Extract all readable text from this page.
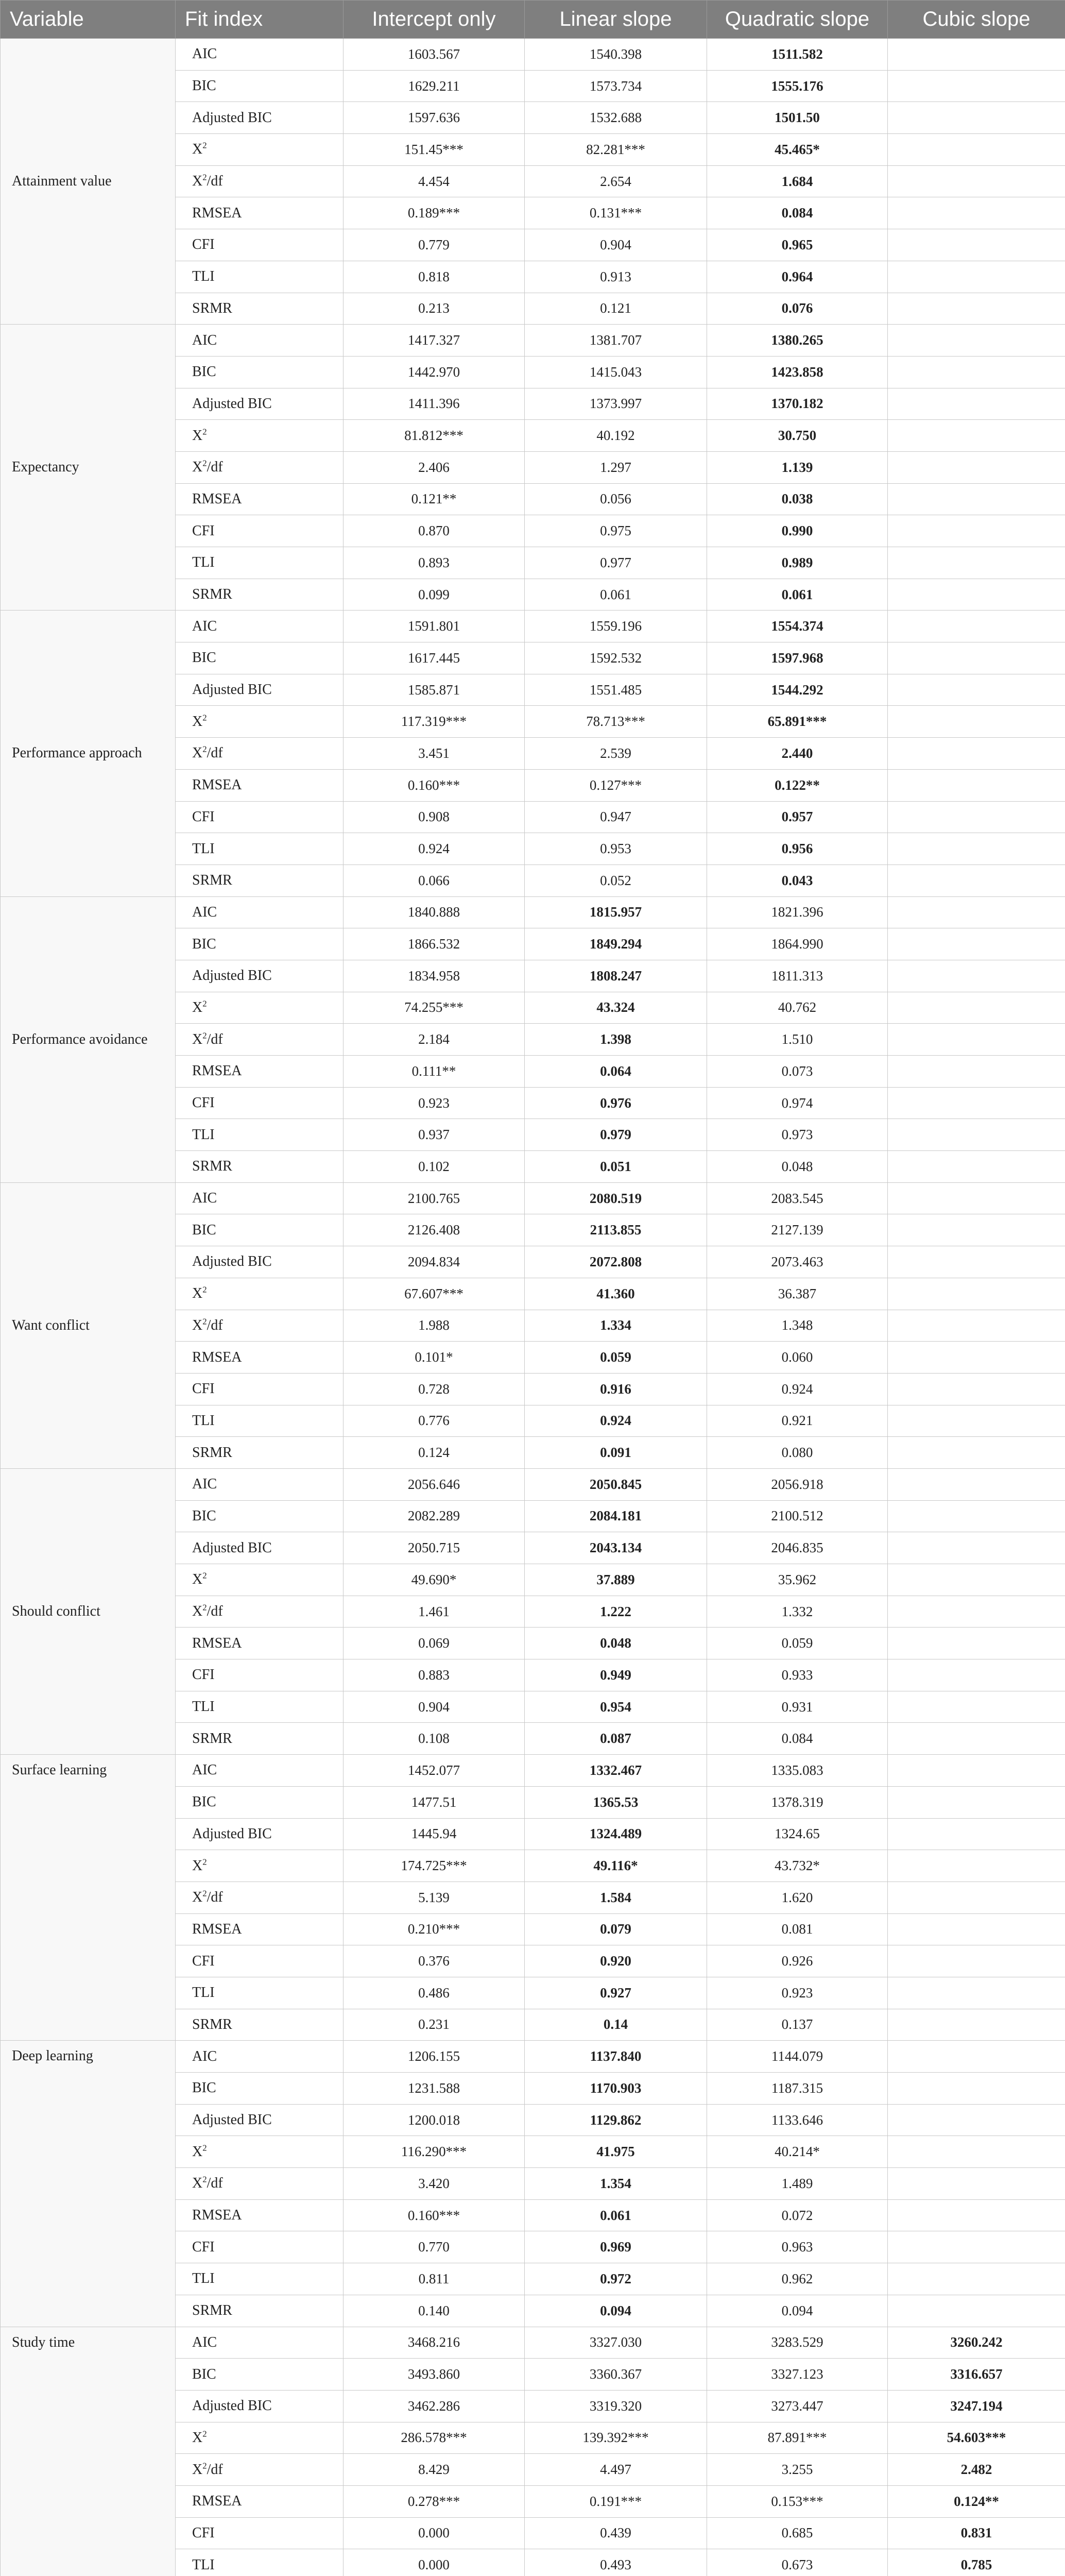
Variable	Fit index	Intercept only	Linear slope	Quadratic slope	Cubic slope
Attainment value	AIC	1603.567	1540.398	1511.582	
	BIC	1629.211	1573.734	1555.176	
	Adjusted BIC	1597.636	1532.688	1501.50	
	$X^2$	151.45***	82.281***	45.465*	
	$X^2/df$	4.454	2.654	1.684	
	RMSEA	0.189***	0.131***	0.084	
	CFI	0.779	0.904	0.965	
	TLI	0.818	0.913	0.964	
	SRMR	0.213	0.121	0.076	
Expectancy	AIC	1417.327	1381.707	1380.265	
	BIC	1442.970	1415.043	1423.858	
	Adjusted BIC	1411.396	1373.997	1370.182	
	$X^2$	81.812***	40.192	30.750	
	$X^2/df$	2.406	1.297	1.139	
	RMSEA	0.121**	0.056	0.038	
	CFI	0.870	0.975	0.990	
	TLI	0.893	0.977	0.989	
	SRMR	0.099	0.061	0.061	
Performance approach	AIC	1591.801	1559.196	1554.374	
	BIC	1617.445	1592.532	1597.968	
	Adjusted BIC	1585.871	1551.485	1544.292	
	$X^2$	117.319***	78.713***	65.891***	
	$X^2/df$	3.451	2.539	2.440	
	RMSEA	0.160***	0.127***	0.122**	
	CFI	0.908	0.947	0.957	
	TLI	0.924	0.953	0.956	
	SRMR	0.066	0.052	0.043	
Performance avoidance	AIC	1840.888	1815.957	1821.396	
	BIC	1866.532	1849.294	1864.990	
	Adjusted BIC	1834.958	1808.247	1811.313	
	$X^2$	74.255***	43.324	40.762	
	$X^2/df$	2.184	1.398	1.510	
	RMSEA	0.111**	0.064	0.073	
	CFI	0.923	0.976	0.974	
	TLI	0.937	0.979	0.973	
	SRMR	0.102	0.051	0.048	
Want conflict	AIC	2100.765	2080.519	2083.545	
	BIC	2126.408	2113.855	2127.139	
	Adjusted BIC	2094.834	2072.808	2073.463	
	$X^2$	67.607***	41.360	36.387	
	$X^2/df$	1.988	1.334	1.348	
	RMSEA	0.101*	0.059	0.060	
	CFI	0.728	0.916	0.924	
	TLI	0.776	0.924	0.921	
	SRMR	0.124	0.091	0.080	
Should conflict	AIC	2056.646	2050.845	2056.918	
	BIC	2082.289	2084.181	2100.512	
	Adjusted BIC	2050.715	2043.134	2046.835	
	$X^2$	49.690*	37.889	35.962	
	$X^2/df$	1.461	1.222	1.332	
	RMSEA	0.069	0.048	0.059	
	CFI	0.883	0.949	0.933	
	TLI	0.904	0.954	0.931	
	SRMR	0.108	0.087	0.084	
Surface learning	AIC	1452.077	1332.467	1335.083	
	BIC	1477.51	1365.53	1378.319	
	Adjusted BIC	1445.94	1324.489	1324.65	
	$X^2$	174.725***	49.116*	43.732*	
	$X^2/df$	5.139	1.584	1.620	
	RMSEA	0.210***	0.079	0.081	
	CFI	0.376	0.920	0.926	
	TLI	0.486	0.927	0.923	
	SRMR	0.231	0.14	0.137	
Deep learning	AIC	1206.155	1137.840	1144.079	
	BIC	1231.588	1170.903	1187.315	
	Adjusted BIC	1200.018	1129.862	1133.646	
	$X^2$	116.290***	41.975	40.214*	
	$X^2/df$	3.420	1.354	1.489	
	RMSEA	0.160***	0.061	0.072	
	CFI	0.770	0.969	0.963	
	TLI	0.811	0.972	0.962	
	SRMR	0.140	0.094	0.094	
Study time	AIC	3468.216	3327.030	3283.529	3260.242
	BIC	3493.860	3360.367	3327.123	3316.657
	Adjusted BIC	3462.286	3319.320	3273.447	3247.194
	$X^2$	286.578***	139.392***	87.891***	54.603***
	$X^2/df$	8.429	4.497	3.255	2.482
	RMSEA	0.278***	0.191***	0.153***	0.124**
	CFI	0.000	0.439	0.685	0.831
	TLI	0.000	0.493	0.673	0.785
